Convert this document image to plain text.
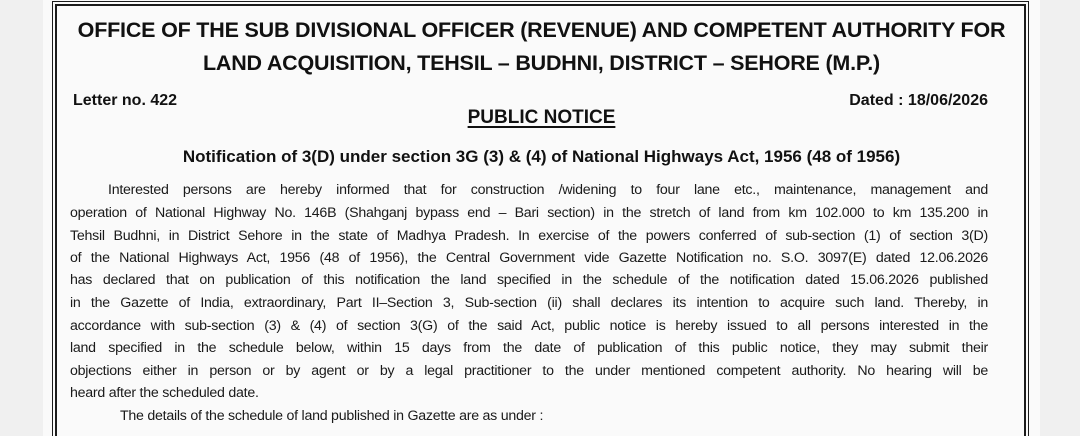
OFFICE OF THE SUB DIVISIONAL OFFICER (REVENUE) AND COMPETENT AUTHORITY FOR
LAND ACQUISITION, TEHSIL – BUDHNI, DISTRICT – SEHORE (M.P.)
Letter no. 422	Dated : 18/06/2026
PUBLIC NOTICE
Notification of 3(D) under section 3G (3) & (4) of National Highways Act, 1956 (48 of 1956)
Interested persons are hereby informed that for construction /widening to four lane etc., maintenance, management and
operation of National Highway No. 146B (Shahganj bypass end – Bari section) in the stretch of land from km 102.000 to km 135.200 in
Tehsil Budhni, in District Sehore in the state of Madhya Pradesh. In exercise of the powers conferred of sub-section (1) of section 3(D)
of the National Highways Act, 1956 (48 of 1956), the Central Government vide Gazette Notification no. S.O. 3097(E) dated 12.06.2026
has declared that on publication of this notification the land specified in the schedule of the notification dated 15.06.2026 published
in the Gazette of India, extraordinary, Part II–Section 3, Sub-section (ii) shall declares its intention to acquire such land. Thereby, in
accordance with sub-section (3) & (4) of section 3(G) of the said Act, public notice is hereby issued to all persons interested in the
land specified in the schedule below, within 15 days from the date of publication of this public notice, they may submit their
objections either in person or by agent or by a legal practitioner to the under mentioned competent authority. No hearing will be
heard after the scheduled date.
The details of the schedule of land published in Gazette are as under :
